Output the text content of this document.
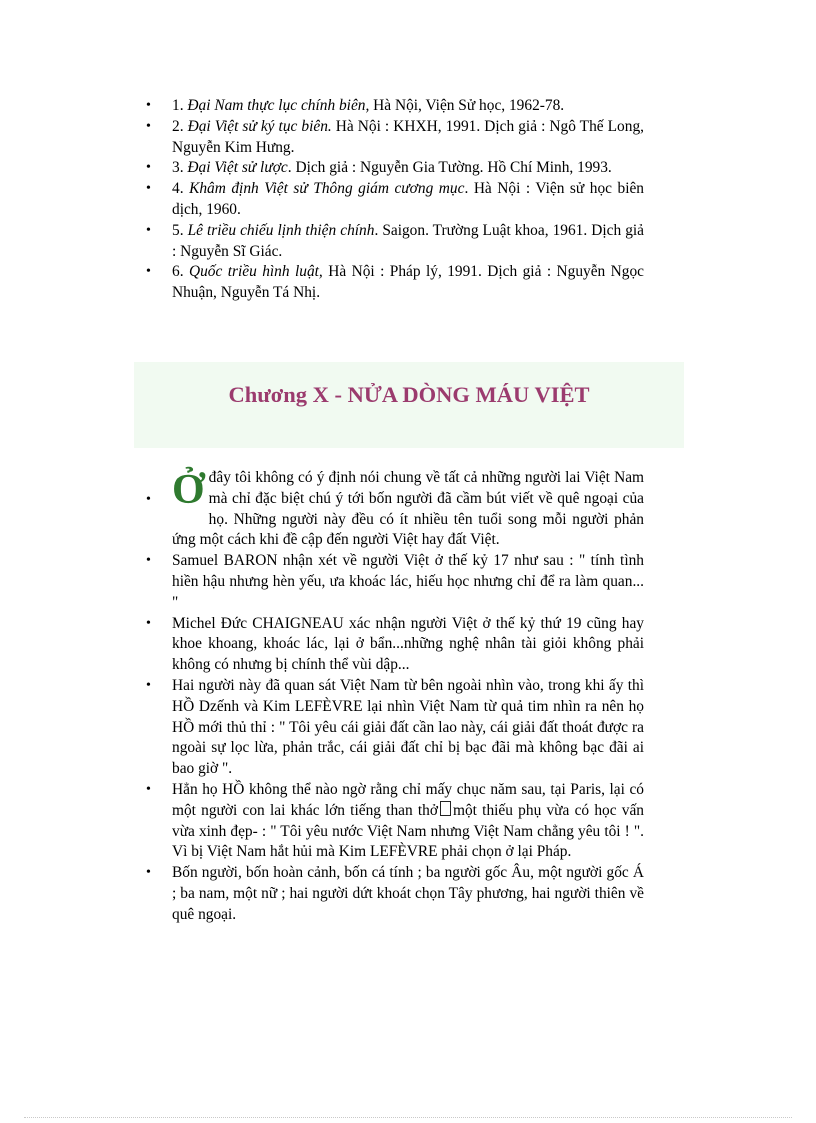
• 1. Đại Nam thực lục chính biên, Hà Nội, Viện Sử học, 1962-78.
• 2. Đại Việt sử ký tục biên. Hà Nội : KHXH, 1991. Dịch giả : Ngô Thế Long, Nguyễn Kim Hưng.
• 3. Đại Việt sử lược. Dịch giả : Nguyễn Gia Tường. Hồ Chí Minh, 1993.
• 4. Khâm định Việt sử Thông giám cương mục. Hà Nội : Viện sử học biên dịch, 1960.
• 5. Lê triều chiếu lịnh thiện chính. Saigon. Trường Luật khoa, 1961. Dịch giả : Nguyễn Sĩ Giác.
• 6. Quốc triều hình luật, Hà Nội : Pháp lý, 1991. Dịch giả : Nguyễn Ngọc Nhuận, Nguyễn Tá Nhị.
Chương X - NỬA DÒNG MÁU VIỆT
• Ở đây tôi không có ý định nói chung về tất cả những người lai Việt Nam mà chỉ đặc biệt chú ý tới bốn người đã cầm bút viết về quê ngoại của họ. Những người này đều có ít nhiều tên tuổi song mỗi người phản ứng một cách khi đề cập đến người Việt hay đất Việt.
• Samuel BARON nhận xét về người Việt ở thế kỷ 17 như sau : " tính tình hiền hậu nhưng hèn yếu, ưa khoác lác, hiếu học nhưng chỉ để ra làm quan... "
• Michel Đức CHAIGNEAU xác nhận người Việt ở thế kỷ thứ 19 cũng hay khoe khoang, khoác lác, lại ở bẩn...những nghệ nhân tài giỏi không phải không có nhưng bị chính thể vùi dập...
• Hai người này đã quan sát Việt Nam từ bên ngoài nhìn vào, trong khi ấy thì HỒ Dzếnh và Kim LEFÈVRE lại nhìn Việt Nam từ quả tim nhìn ra nên họ HỒ mới thủ thỉ : " Tôi yêu cái giải đất cần lao này, cái giải đất thoát được ra ngoài sự lọc lừa, phản trắc, cái giải đất chỉ bị bạc đãi mà không bạc đãi ai bao giờ ".
• Hẳn họ HỒ không thể nào ngờ rằng chỉ mấy chục năm sau, tại Paris, lại có một người con lai khác lớn tiếng than thở một thiếu phụ vừa có học vấn vừa xinh đẹp- : " Tôi yêu nước Việt Nam nhưng Việt Nam chẳng yêu tôi ! ". Vì bị Việt Nam hắt hủi mà Kim LEFÈVRE phải chọn ở lại Pháp.
• Bốn người, bốn hoàn cảnh, bốn cá tính ; ba người gốc Âu, một người gốc Á ; ba nam, một nữ ; hai người dứt khoát chọn Tây phương, hai người thiên về quê ngoại.
